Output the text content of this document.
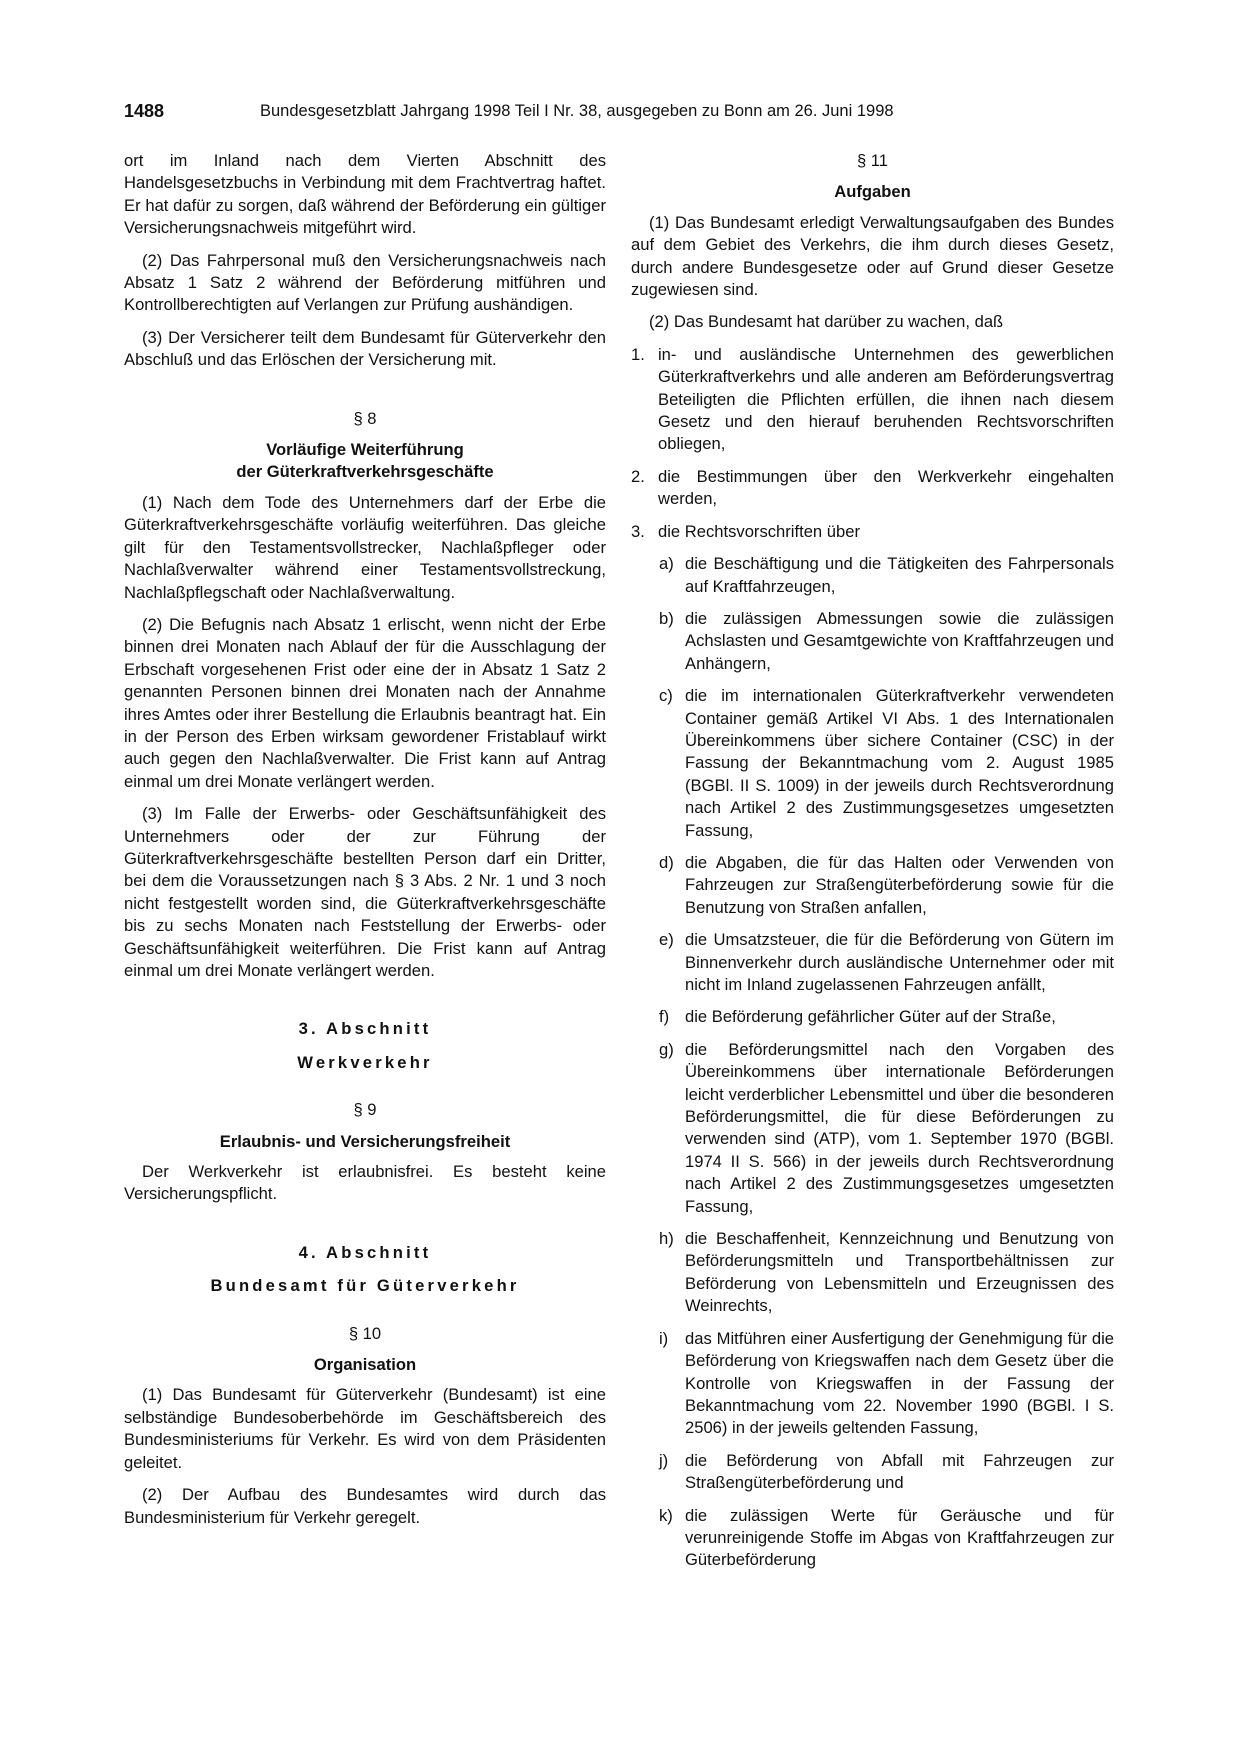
1488	Bundesgesetzblatt Jahrgang 1998 Teil I Nr. 38, ausgegeben zu Bonn am 26. Juni 1998

ort im Inland nach dem Vierten Abschnitt des Handelsgesetzbuchs in Verbindung mit dem Frachtvertrag haftet. Er hat dafür zu sorgen, daß während der Beförderung ein gültiger Versicherungsnachweis mitgeführt wird.

(2) Das Fahrpersonal muß den Versicherungsnachweis nach Absatz 1 Satz 2 während der Beförderung mitführen und Kontrollberechtigten auf Verlangen zur Prüfung aushändigen.

(3) Der Versicherer teilt dem Bundesamt für Güterverkehr den Abschluß und das Erlöschen der Versicherung mit.

§ 8
Vorläufige Weiterführung
der Güterkraftverkehrsgeschäfte

(1) Nach dem Tode des Unternehmers darf der Erbe die Güterkraftverkehrsgeschäfte vorläufig weiterführen. Das gleiche gilt für den Testamentsvollstrecker, Nachlaßpfleger oder Nachlaßverwalter während einer Testamentsvollstreckung, Nachlaßpflegschaft oder Nachlaßverwaltung.

(2) Die Befugnis nach Absatz 1 erlischt, wenn nicht der Erbe binnen drei Monaten nach Ablauf der für die Ausschlagung der Erbschaft vorgesehenen Frist oder eine der in Absatz 1 Satz 2 genannten Personen binnen drei Monaten nach der Annahme ihres Amtes oder ihrer Bestellung die Erlaubnis beantragt hat. Ein in der Person des Erben wirksam gewordener Fristablauf wirkt auch gegen den Nachlaßverwalter. Die Frist kann auf Antrag einmal um drei Monate verlängert werden.

(3) Im Falle der Erwerbs- oder Geschäftsunfähigkeit des Unternehmers oder der zur Führung der Güterkraftverkehrsgeschäfte bestellten Person darf ein Dritter, bei dem die Voraussetzungen nach § 3 Abs. 2 Nr. 1 und 3 noch nicht festgestellt worden sind, die Güterkraftverkehrsgeschäfte bis zu sechs Monaten nach Feststellung der Erwerbs- oder Geschäftsunfähigkeit weiterführen. Die Frist kann auf Antrag einmal um drei Monate verlängert werden.

3. Abschnitt
Werkverkehr
§ 9
Erlaubnis- und Versicherungsfreiheit

Der Werkverkehr ist erlaubnisfrei. Es besteht keine Versicherungspflicht.

4. Abschnitt
Bundesamt für Güterverkehr
§ 10
Organisation

(1) Das Bundesamt für Güterverkehr (Bundesamt) ist eine selbständige Bundesoberbehörde im Geschäftsbereich des Bundesministeriums für Verkehr. Es wird von dem Präsidenten geleitet.

(2) Der Aufbau des Bundesamtes wird durch das Bundesministerium für Verkehr geregelt.

§ 11
Aufgaben

(1) Das Bundesamt erledigt Verwaltungsaufgaben des Bundes auf dem Gebiet des Verkehrs, die ihm durch dieses Gesetz, durch andere Bundesgesetze oder auf Grund dieser Gesetze zugewiesen sind.

(2) Das Bundesamt hat darüber zu wachen, daß

1. in- und ausländische Unternehmen des gewerblichen Güterkraftverkehrs und alle anderen am Beförderungsvertrag Beteiligten die Pflichten erfüllen, die ihnen nach diesem Gesetz und den hierauf beruhenden Rechtsvorschriften obliegen,
2. die Bestimmungen über den Werkverkehr eingehalten werden,
3. die Rechtsvorschriften über
a) die Beschäftigung und die Tätigkeiten des Fahrpersonals auf Kraftfahrzeugen,
b) die zulässigen Abmessungen sowie die zulässigen Achslasten und Gesamtgewichte von Kraftfahrzeugen und Anhängern,
c) die im internationalen Güterkraftverkehr verwendeten Container gemäß Artikel VI Abs. 1 des Internationalen Übereinkommens über sichere Container (CSC) in der Fassung der Bekanntmachung vom 2. August 1985 (BGBl. II S. 1009) in der jeweils durch Rechtsverordnung nach Artikel 2 des Zustimmungsgesetzes umgesetzten Fassung,
d) die Abgaben, die für das Halten oder Verwenden von Fahrzeugen zur Straßengüterbeförderung sowie für die Benutzung von Straßen anfallen,
e) die Umsatzsteuer, die für die Beförderung von Gütern im Binnenverkehr durch ausländische Unternehmer oder mit nicht im Inland zugelassenen Fahrzeugen anfällt,
f) die Beförderung gefährlicher Güter auf der Straße,
g) die Beförderungsmittel nach den Vorgaben des Übereinkommens über internationale Beförderungen leicht verderblicher Lebensmittel und über die besonderen Beförderungsmittel, die für diese Beförderungen zu verwenden sind (ATP), vom 1. September 1970 (BGBl. 1974 II S. 566) in der jeweils durch Rechtsverordnung nach Artikel 2 des Zustimmungsgesetzes umgesetzten Fassung,
h) die Beschaffenheit, Kennzeichnung und Benutzung von Beförderungsmitteln und Transportbehältnissen zur Beförderung von Lebensmitteln und Erzeugnissen des Weinrechts,
i) das Mitführen einer Ausfertigung der Genehmigung für die Beförderung von Kriegswaffen nach dem Gesetz über die Kontrolle von Kriegswaffen in der Fassung der Bekanntmachung vom 22. November 1990 (BGBl. I S. 2506) in der jeweils geltenden Fassung,
j) die Beförderung von Abfall mit Fahrzeugen zur Straßengüterbeförderung und
k) die zulässigen Werte für Geräusche und für verunreinigende Stoffe im Abgas von Kraftfahrzeugen zur Güterbeförderung
